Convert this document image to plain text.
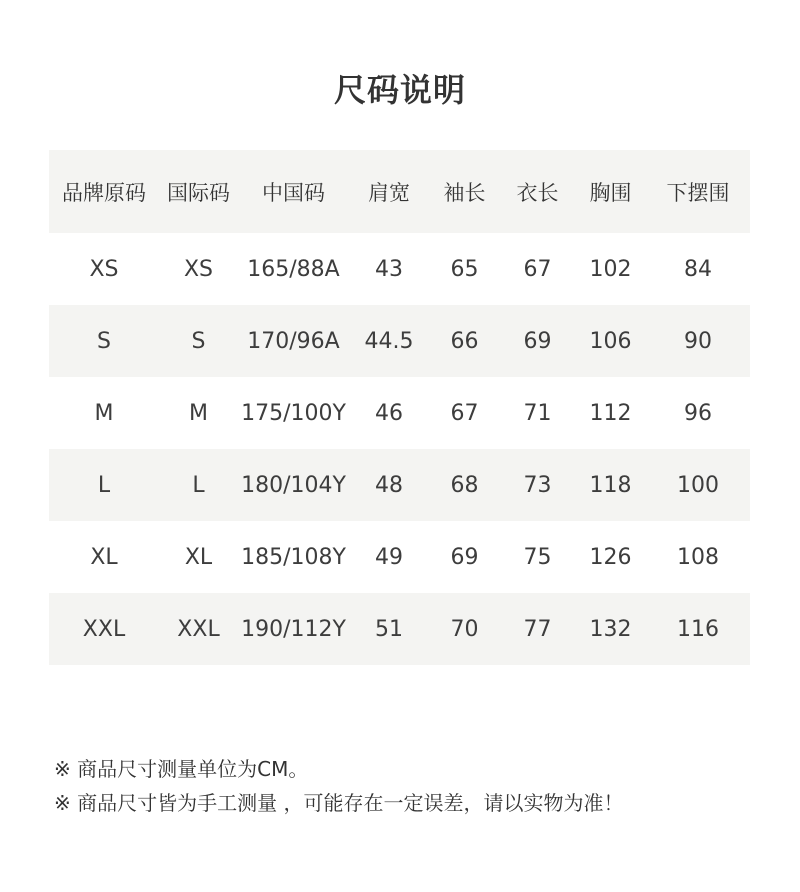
尺码说明
品牌原码	国际码	中国码	肩宽	袖长	衣长	胸围	下摆围
XS	XS	165/88A	43	65	67	102	84
S	S	170/96A	44.5	66	69	106	90
M	M	175/100Y	46	67	71	112	96
L	L	180/104Y	48	68	73	118	100
XL	XL	185/108Y	49	69	75	126	108
XXL	XXL	190/112Y	51	70	77	132	116
※ 商品尺寸测量单位为CM。
※ 商品尺寸皆为手工测量 ，可能存在一定误差，请以实物为准！
